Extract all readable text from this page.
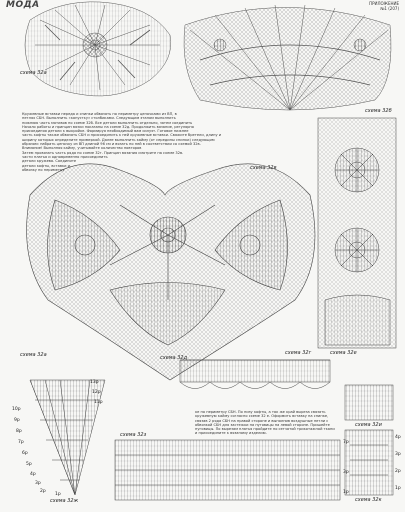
МОДА	ПРИЛОЖЕНИЕ
№1 (207)
схема 32а
схема 32б
схема 32в
схема 32г
схема 32а	схема 32д
схема 32е
схема 32ж
схема 32з
схема 32и
схема 32к
Кружевные вставки переда и спинки обвязать по периметру цепочками из ВП, в
петлях СБН. Выполнить «капустку» столбиками. Следующим этапом выполнить
нижнюю часть мотивов по схеме 32б. Все детали выполнить отдельно, затем соединить
Начало работы и принцип вязки показаны на схеме 32д. Продолжить вязание, регулярно
присоединяя детали к выкройке. Формируя необходимый вам силуэт. Готовое нижнее
часть кофты также обвязать СБН и присоединить к ней кружевные вставки. Свяжите бретели, длину и
ширину которых определите примеркой. Далее выполнить кайму (от середины спинки) следующим
образом: набрать цепочку из ВП длиной 96 см и вязать по ней в соответствии со схемой 32в.
Внимание! Выполняя кайму, учитывайте количество повторов
Затем провязать часть ряда по схеме 32г. Принцип вязания смотрите на схеме 32в.
части платья и одновременно присоединить
детали кружева. Соедините
детали кофты, вставки и
обвязку по периметру
ке по периметру СБН. По низу кофты, а так же край выреза связать
кружевную кайму согласно схеме 32 е. Оформить вставку на спинке,
связав 2 ряда СБН на правой стороне и выполнив воздушные петли с
обвязкой СБН для застежки на пуговицы на левой стороне. Пришейте
пуговицы. По вырезам платья пройдите по сетчатой трикотажной ткани
и присоедините к вязаному изделию.
13р
12р
11р
10р
9р
8р
7р
6р
5р
4р
3р
2р
1р
7р
3р
1р
4р
3р
2р
1р
